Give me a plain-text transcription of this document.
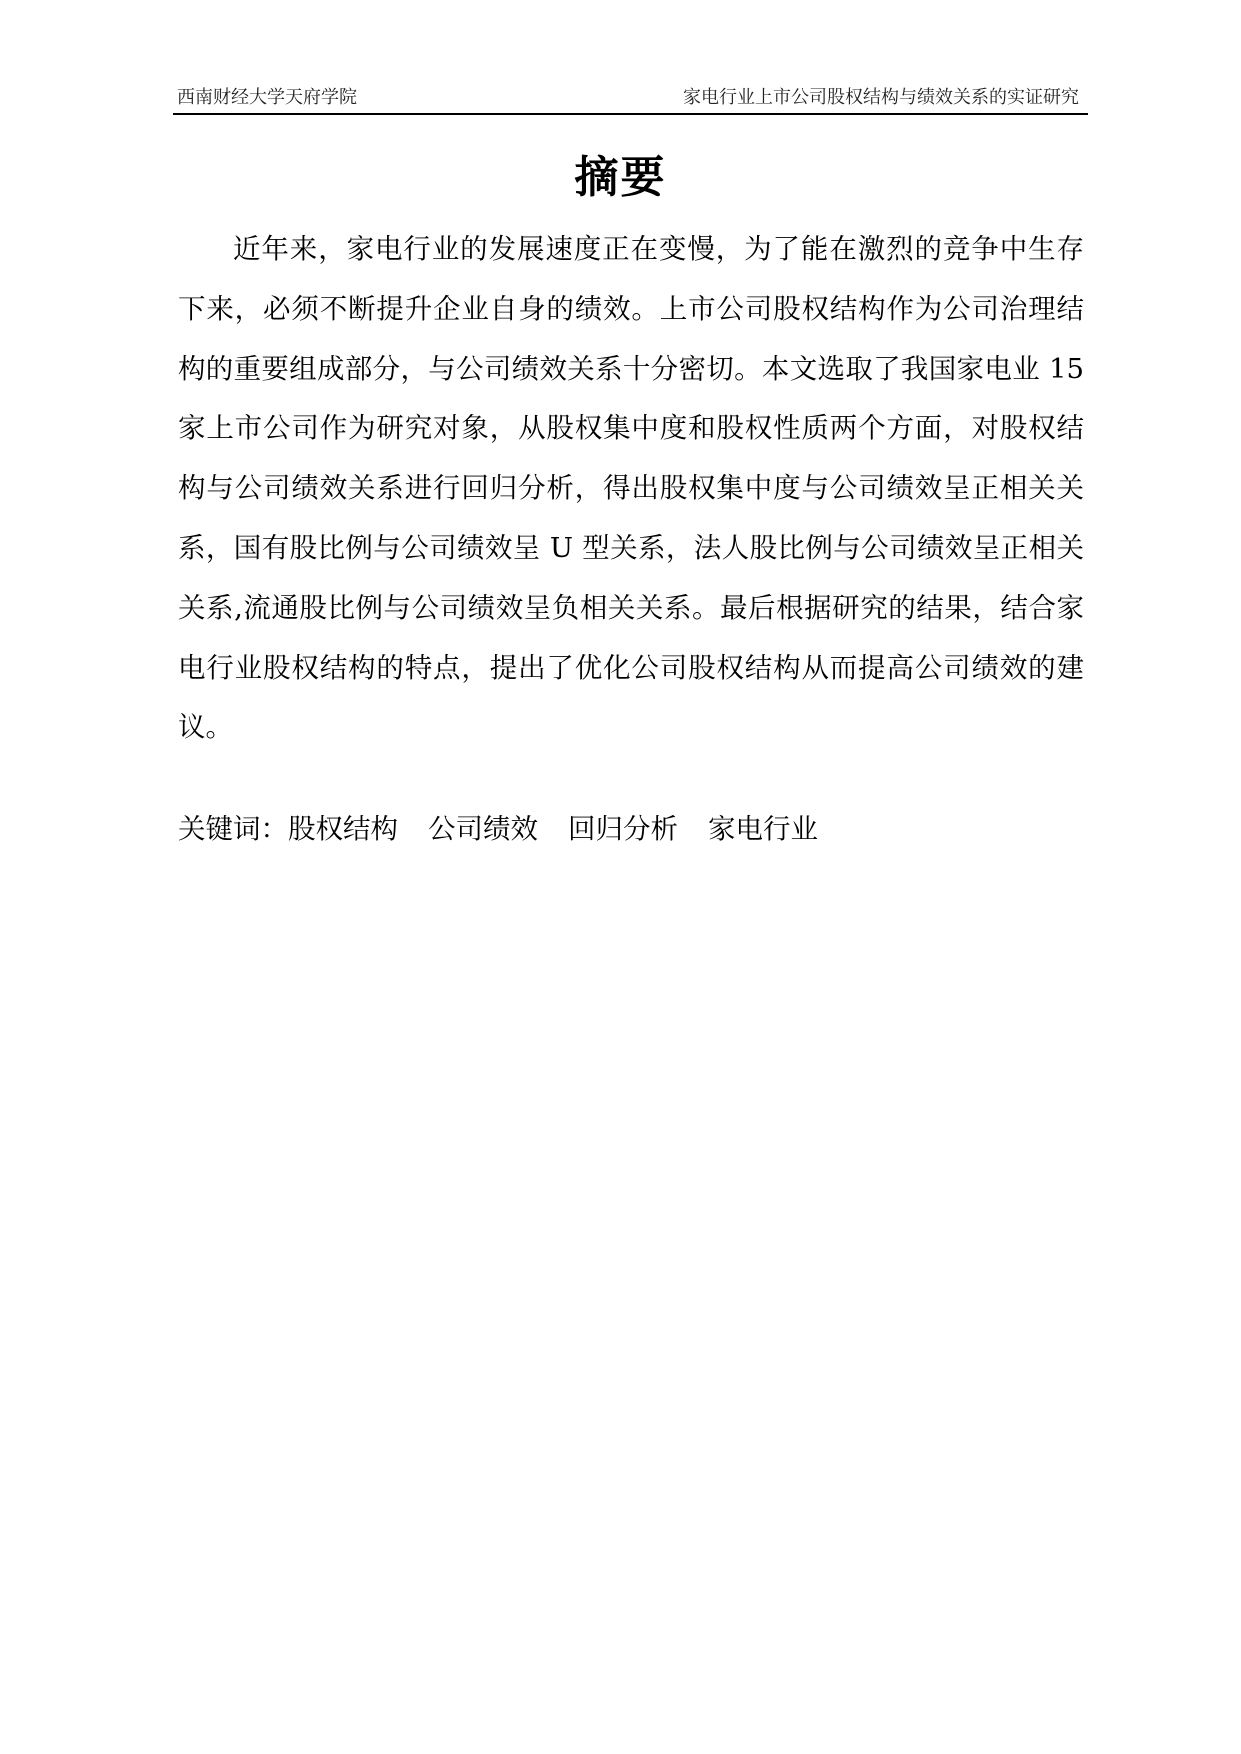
西南财经大学天府学院	家电行业上市公司股权结构与绩效关系的实证研究
摘要

近年来，家电行业的发展速度正在变慢，为了能在激烈的竞争中生存下来，必须不断提升企业自身的绩效。上市公司股权结构作为公司治理结构的重要组成部分，与公司绩效关系十分密切。本文选取了我国家电业 15 家上市公司作为研究对象，从股权集中度和股权性质两个方面，对股权结构与公司绩效关系进行回归分析，得出股权集中度与公司绩效呈正相关关系，国有股比例与公司绩效呈 U 型关系，法人股比例与公司绩效呈正相关关系,流通股比例与公司绩效呈负相关关系。最后根据研究的结果，结合家电行业股权结构的特点，提出了优化公司股权结构从而提高公司绩效的建议。

关键词：股权结构 公司绩效 回归分析 家电行业
